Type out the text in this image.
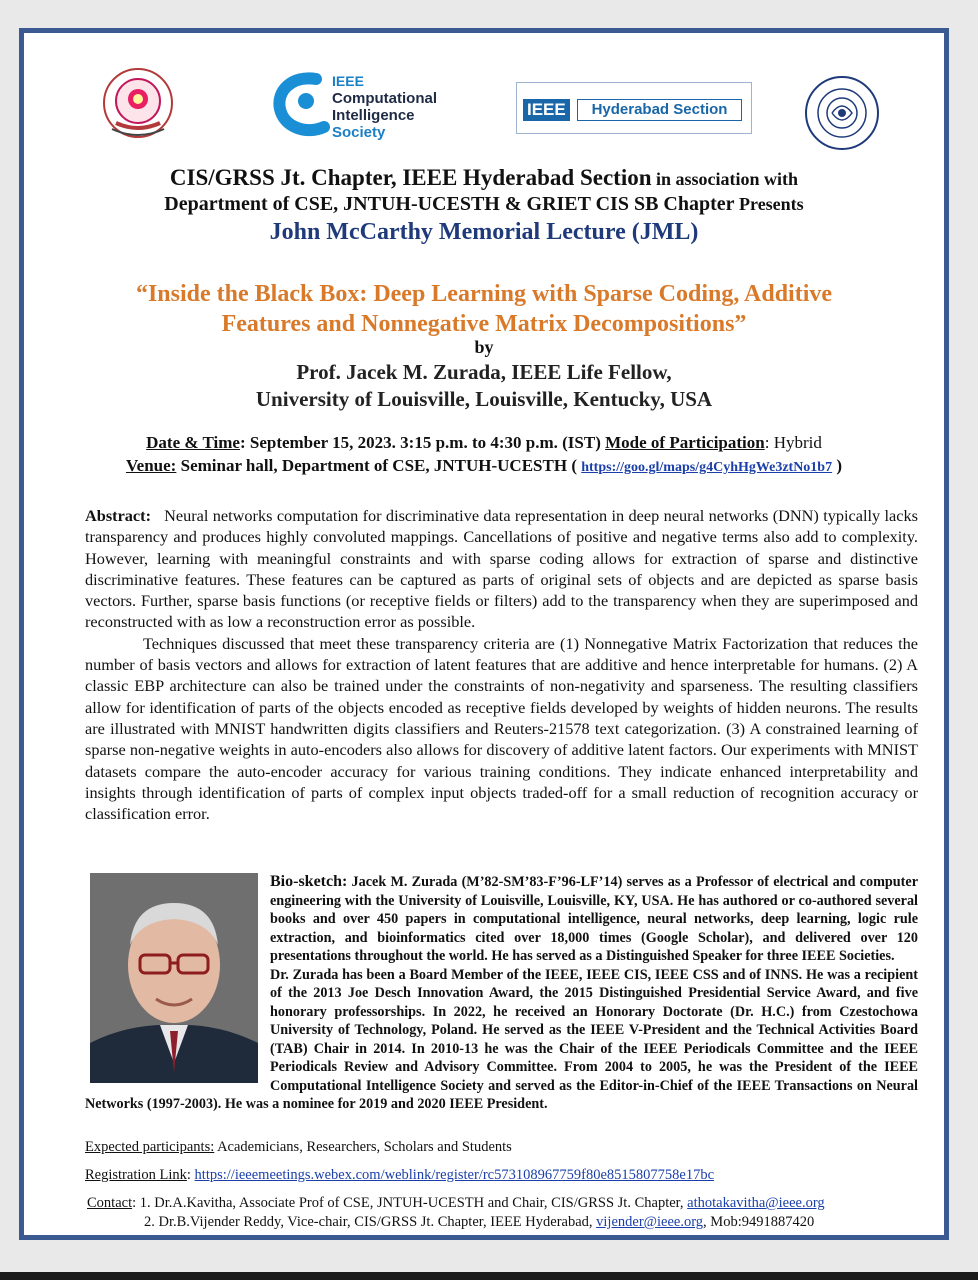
IEEE
Computational
Intelligence
Society
IEEE	Hyderabad Section
CIS/GRSS Jt. Chapter, IEEE Hyderabad Section in association with
Department of CSE, JNTUH-UCESTH & GRIET CIS SB Chapter Presents
John McCarthy Memorial Lecture (JML)
“Inside the Black Box: Deep Learning with Sparse Coding, Additive
Features and Nonnegative Matrix Decompositions”
by
Prof. Jacek M. Zurada, IEEE Life Fellow,
University of Louisville, Louisville, Kentucky, USA
Date & Time: September 15, 2023. 3:15 p.m. to 4:30 p.m. (IST) Mode of Participation: Hybrid
Venue: Seminar hall, Department of CSE, JNTUH-UCESTH ( https://goo.gl/maps/g4CyhHgWe3ztNo1b7 )

Abstract: Neural networks computation for discriminative data representation in deep neural networks (DNN) typically lacks transparency and produces highly convoluted mappings. Cancellations of positive and negative terms also add to complexity. However, learning with meaningful constraints and with sparse coding allows for extraction of sparse and distinctive discriminative features. These features can be captured as parts of original sets of objects and are depicted as sparse basis vectors. Further, sparse basis functions (or receptive fields or filters) add to the transparency when they are superimposed and reconstructed with as low a reconstruction error as possible.

Techniques discussed that meet these transparency criteria are (1) Nonnegative Matrix Factorization that reduces the number of basis vectors and allows for extraction of latent features that are additive and hence interpretable for humans. (2) A classic EBP architecture can also be trained under the constraints of non-negativity and sparseness. The resulting classifiers allow for identification of parts of the objects encoded as receptive fields developed by weights of hidden neurons. The results are illustrated with MNIST handwritten digits classifiers and Reuters-21578 text categorization. (3) A constrained learning of sparse non-negative weights in auto-encoders also allows for discovery of additive latent factors. Our experiments with MNIST datasets compare the auto-encoder accuracy for various training conditions. They indicate enhanced interpretability and insights through identification of parts of complex input objects traded-off for a small reduction of recognition accuracy or classification error.

Bio-sketch: Jacek M. Zurada (M’82-SM’83-F’96-LF’14) serves as a Professor of electrical and computer engineering with the University of Louisville, Louisville, KY, USA. He has authored or co-authored several books and over 450 papers in computational intelligence, neural networks, deep learning, logic rule extraction, and bioinformatics cited over 18,000 times (Google Scholar), and delivered over 120 presentations throughout the world. He has served as a Distinguished Speaker for three IEEE Societies.

Dr. Zurada has been a Board Member of the IEEE, IEEE CIS, IEEE CSS and of INNS. He was a recipient of the 2013 Joe Desch Innovation Award, the 2015 Distinguished Presidential Service Award, and five honorary professorships. In 2022, he received an Honorary Doctorate (Dr. H.C.) from Czestochowa University of Technology, Poland. He served as the IEEE V-President and the Technical Activities Board (TAB) Chair in 2014. In 2010-13 he was the Chair of the IEEE Periodicals Committee and the IEEE Periodicals Review and Advisory Committee. From 2004 to 2005, he was the President of the IEEE Computational Intelligence Society and served as the Editor-in-Chief of the IEEE Transactions on Neural Networks (1997-2003). He was a nominee for 2019 and 2020 IEEE President.

Expected participants: Academicians, Researchers, Scholars and Students
Registration Link: https://ieeemeetings.webex.com/weblink/register/rc573108967759f80e8515807758e17bc
Contact: 1. Dr.A.Kavitha, Associate Prof of CSE, JNTUH-UCESTH and Chair, CIS/GRSS Jt. Chapter, athotakavitha@ieee.org
2. Dr.B.Vijender Reddy, Vice-chair, CIS/GRSS Jt. Chapter, IEEE Hyderabad, vijender@ieee.org, Mob:9491887420
